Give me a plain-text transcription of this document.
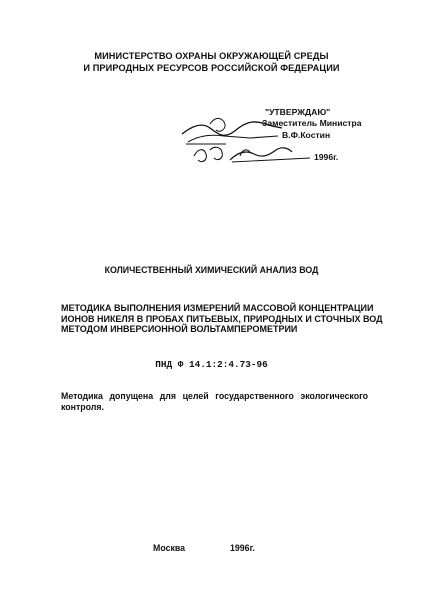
МИНИСТЕРСТВО ОХРАНЫ ОКРУЖАЮЩЕЙ СРЕДЫ
И ПРИРОДНЫХ РЕСУРСОВ РОССИЙСКОЙ ФЕДЕРАЦИИ
"УТВЕРЖДАЮ"
Заместитель Министра
В.Ф.Костин
1996г.
КОЛИЧЕСТВЕННЫЙ ХИМИЧЕСКИЙ АНАЛИЗ ВОД
МЕТОДИКА ВЫПОЛНЕНИЯ ИЗМЕРЕНИЙ МАССОВОЙ КОНЦЕНТРАЦИИ
ИОНОВ НИКЕЛЯ В ПРОБАХ ПИТЬЕВЫХ, ПРИРОДНЫХ И СТОЧНЫХ ВОД
МЕТОДОМ ИНВЕРСИОННОЙ ВОЛЬТАМПЕРОМЕТРИИ
ПНД Ф 14.1:2:4.73-96
Методика допущена для целей государственного экологического
контроля.
Москва	1996г.
